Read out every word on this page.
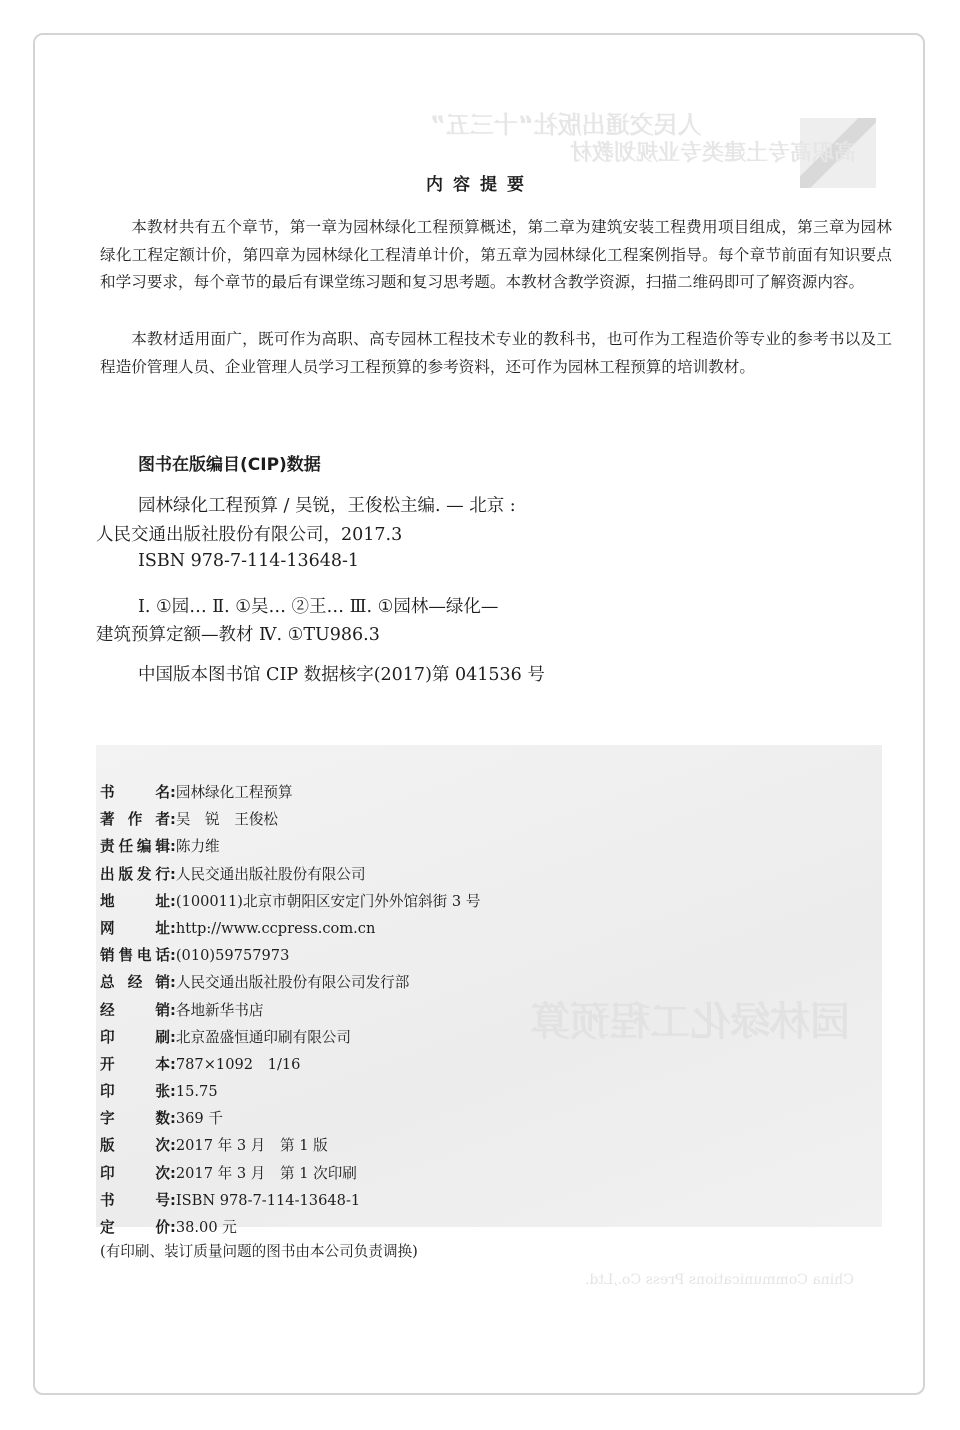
人民交通出版社“十三五”
高职高专土建类专业规划教材
内容提要

本教材共有五个章节，第一章为园林绿化工程预算概述，第二章为建筑安装工程费用项目组成，第三章为园林绿化工程定额计价，第四章为园林绿化工程清单计价，第五章为园林绿化工程案例指导。每个章节前面有知识要点和学习要求，每个章节的最后有课堂练习题和复习思考题。本教材含教学资源，扫描二维码即可了解资源内容。

本教材适用面广，既可作为高职、高专园林工程技术专业的教科书，也可作为工程造价等专业的参考书以及工程造价管理人员、企业管理人员学习工程预算的参考资料，还可作为园林工程预算的培训教材。

图书在版编目(CIP)数据
园林绿化工程预算 / 吴锐，王俊松主编. — 北京 :
人民交通出版社股份有限公司，2017.3
ISBN 978-7-114-13648-1
Ⅰ. ①园… Ⅱ. ①吴… ②王… Ⅲ. ①园林—绿化—
建筑预算定额—教材 Ⅳ. ①TU986.3
中国版本图书馆 CIP 数据核字(2017)第 041536 号
园林绿化工程预算
书名 : 园林绿化工程预算
著作者 : 吴　锐　王俊松
责任编辑 : 陈力维
出版发行 : 人民交通出版社股份有限公司
地址 : (100011)北京市朝阳区安定门外外馆斜街 3 号
网址 : http://www.ccpress.com.cn
销售电话 : (010)59757973
总经销 : 人民交通出版社股份有限公司发行部
经销 : 各地新华书店
印刷 : 北京盈盛恒通印刷有限公司
开本 : 787×1092　1/16
印张 : 15.75
字数 : 369 千
版次 : 2017 年 3 月　第 1 版
印次 : 2017 年 3 月　第 1 次印刷
书号 : ISBN 978-7-114-13648-1
定价 : 38.00 元
(有印刷、装订质量问题的图书由本公司负责调换)
China Communications Press Co.,Ltd.
